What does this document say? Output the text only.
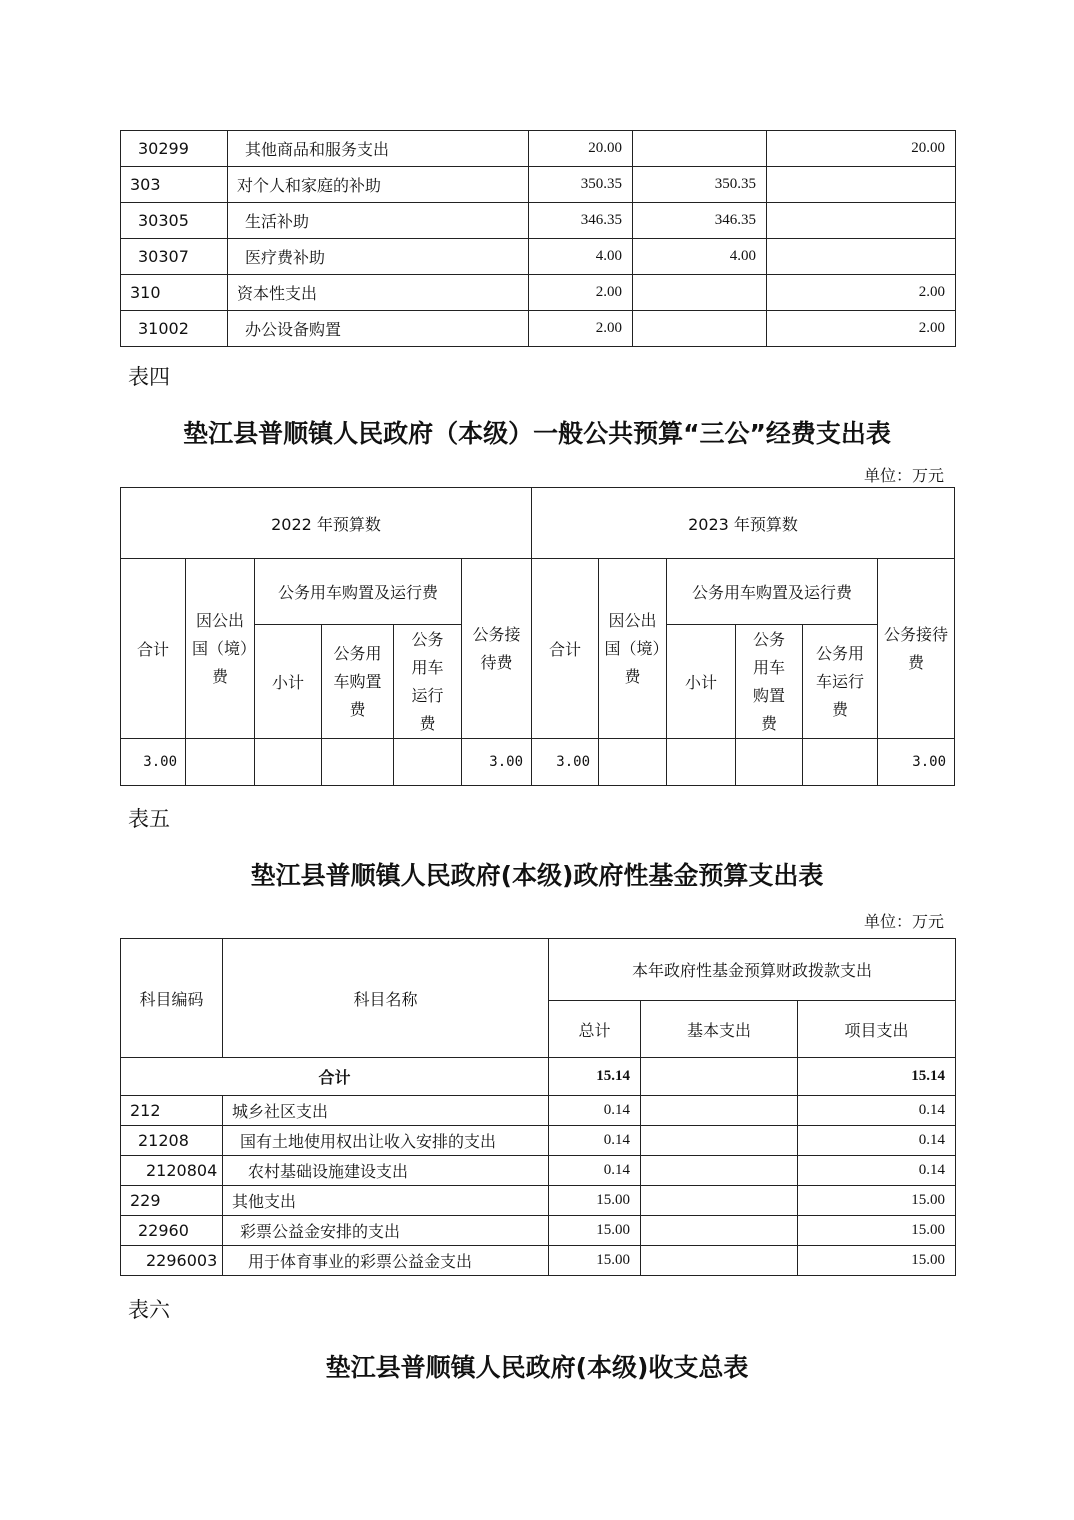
30299	其他商品和服务支出	20.00		20.00
303	对个人和家庭的补助	350.35	350.35	
30305	生活补助	346.35	346.35	
30307	医疗费补助	4.00	4.00	
310	资本性支出	2.00		2.00
31002	办公设备购置	2.00		2.00
表四
垫江县普顺镇人民政府（本级）一般公共预算“三公”经费支出表
单位：万元
2022 年预算数						2023 年预算数					
合计	因公出国（境）费	公务用车购置及运行费			公务接待费	合计	因公出国（境）费	公务用车购置及运行费			公务接待费
		小计	公务用车购置费	公务用车运行费				小计	公务用车购置费	公务用车运行费	
3.00					3.00	3.00					3.00
表五
垫江县普顺镇人民政府(本级)政府性基金预算支出表
单位：万元
科目编码	科目名称	本年政府性基金预算财政拨款支出		
		总计	基本支出	项目支出
合计		15.14		15.14
212	城乡社区支出	0.14		0.14
21208	国有土地使用权出让收入安排的支出	0.14		0.14
2120804	农村基础设施建设支出	0.14		0.14
229	其他支出	15.00		15.00
22960	彩票公益金安排的支出	15.00		15.00
2296003	用于体育事业的彩票公益金支出	15.00		15.00
表六
垫江县普顺镇人民政府(本级)收支总表
